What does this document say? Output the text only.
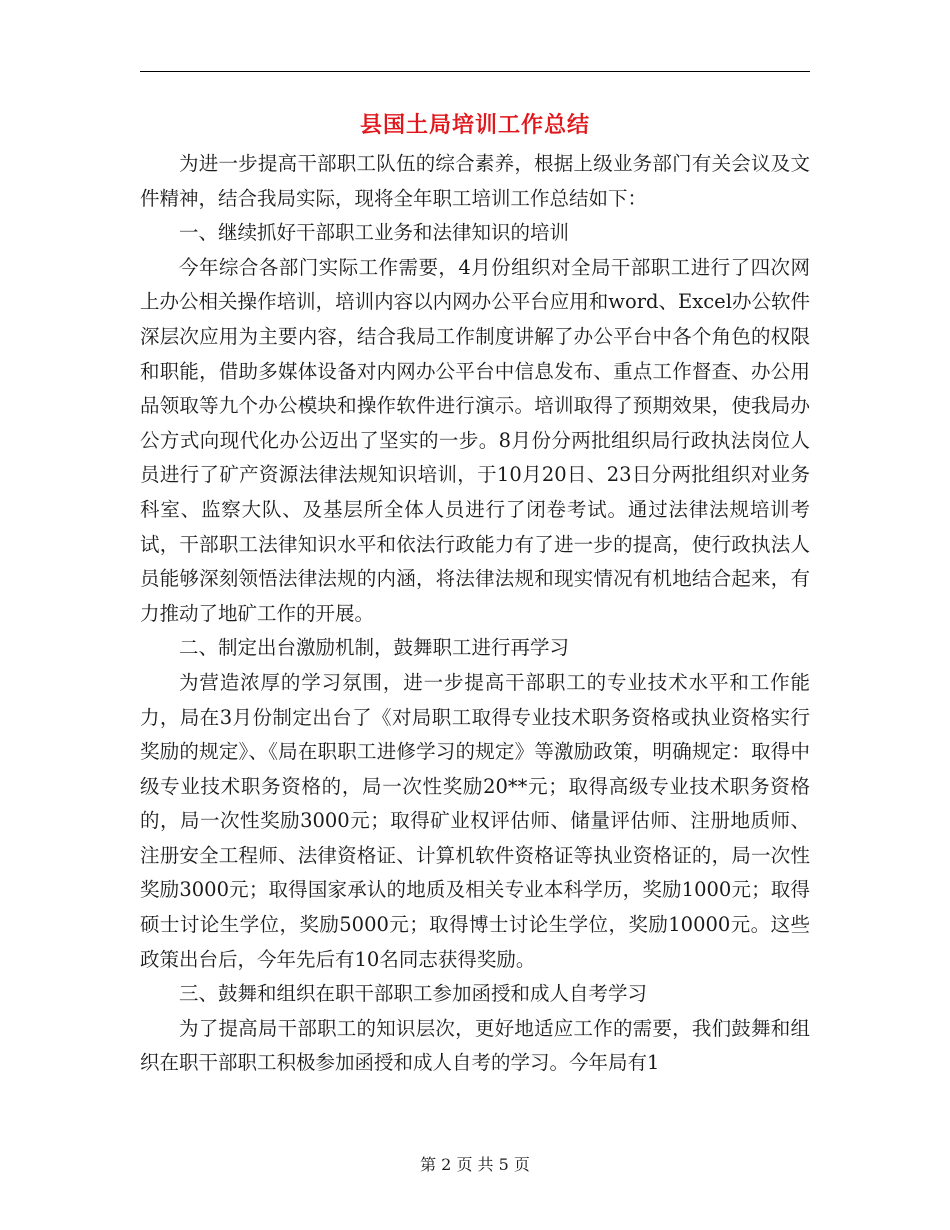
县国土局培训工作总结

为进一步提高干部职工队伍的综合素养，根据上级业务部门有关会议及文件精神，结合我局实际，现将全年职工培训工作总结如下：

一、继续抓好干部职工业务和法律知识的培训

今年综合各部门实际工作需要，4月份组织对全局干部职工进行了四次网上办公相关操作培训，培训内容以内网办公平台应用和word、Excel办公软件深层次应用为主要内容，结合我局工作制度讲解了办公平台中各个角色的权限和职能，借助多媒体设备对内网办公平台中信息发布、重点工作督查、办公用品领取等九个办公模块和操作软件进行演示。培训取得了预期效果，使我局办公方式向现代化办公迈出了坚实的一步。8月份分两批组织局行政执法岗位人员进行了矿产资源法律法规知识培训，于10月20日、23日分两批组织对业务科室、监察大队、及基层所全体人员进行了闭卷考试。通过法律法规培训考试，干部职工法律知识水平和依法行政能力有了进一步的提高，使行政执法人员能够深刻领悟法律法规的内涵，将法律法规和现实情况有机地结合起来，有力推动了地矿工作的开展。

二、制定出台激励机制，鼓舞职工进行再学习

为营造浓厚的学习氛围，进一步提高干部职工的专业技术水平和工作能力，局在3月份制定出台了《对局职工取得专业技术职务资格或执业资格实行奖励的规定》、《局在职职工进修学习的规定》等激励政策，明确规定：取得中级专业技术职务资格的，局一次性奖励20**元；取得高级专业技术职务资格的，局一次性奖励3000元；取得矿业权评估师、储量评估师、注册地质师、注册安全工程师、法律资格证、计算机软件资格证等执业资格证的，局一次性奖励3000元；取得国家承认的地质及相关专业本科学历，奖励1000元；取得硕士讨论生学位，奖励5000元；取得博士讨论生学位，奖励10000元。这些政策出台后，今年先后有10名同志获得奖励。

三、鼓舞和组织在职干部职工参加函授和成人自考学习

为了提高局干部职工的知识层次，更好地适应工作的需要，我们鼓舞和组织在职干部职工积极参加函授和成人自考的学习。今年局有1

第 2 页 共 5 页
